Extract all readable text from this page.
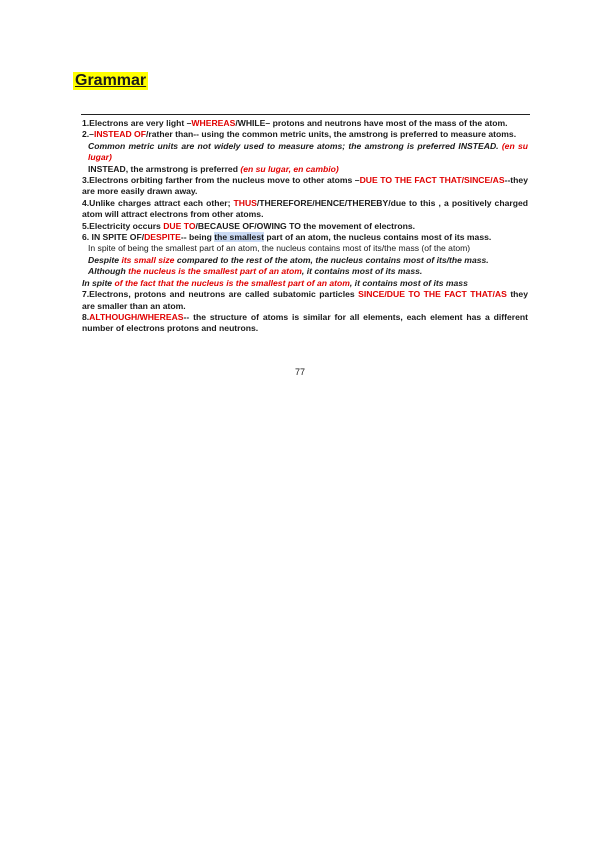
Grammar

1.Electrons are very light –WHEREAS/WHILE– protons and neutrons have most of the mass of the atom.

2.–INSTEAD OF/rather than-- using the common metric units, the amstrong is preferred to measure atoms.

Common metric units are not widely used to measure atoms; the amstrong is preferred INSTEAD. (en su lugar)

INSTEAD, the armstrong is preferred (en su lugar, en cambio)

3.Electrons orbiting farther from the nucleus move to other atoms –DUE TO THE FACT THAT/SINCE/AS--they are more easily drawn away.

4.Unlike charges attract each other; THUS/THEREFORE/HENCE/THEREBY/due to this , a positively charged atom will attract electrons from other atoms.

5.Electricity occurs DUE TO/BECAUSE OF/OWING TO the movement of electrons.

6. IN SPITE OF/DESPITE-- being the smallest part of an atom, the nucleus contains most of its mass.

In spite of being the smallest part of an atom, the nucleus contains most of its/the mass (of the atom)

Despite its small size compared to the rest of the atom, the nucleus contains most of its/the mass.

Although the nucleus is the smallest part of an atom, it contains most of its mass.

In spite of the fact that the nucleus is the smallest part of an atom, it contains most of its mass

7.Electrons, protons and neutrons are called subatomic particles SINCE/DUE TO THE FACT THAT/AS they are smaller than an atom.

8.ALTHOUGH/WHEREAS-- the structure of atoms is similar for all elements, each element has a different number of electrons protons and neutrons.

77
